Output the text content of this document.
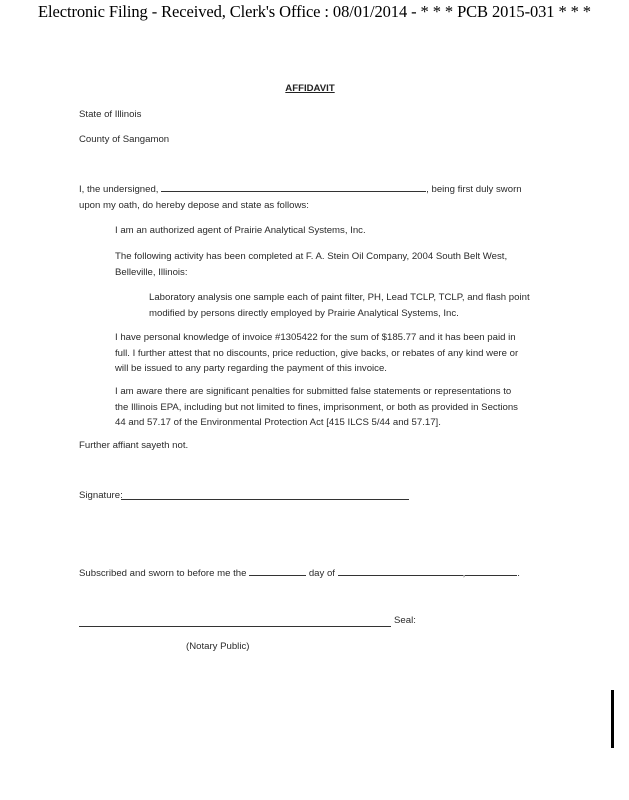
Electronic Filing - Received, Clerk's Office : 08/01/2014 - * * * PCB 2015-031 * * *
AFFIDAVIT
State of Illinois
County of Sangamon
I, the undersigned,	, being first duly sworn
upon my oath, do hereby depose and state as follows:
I am an authorized agent of Prairie Analytical Systems, Inc.
The following activity has been completed at F. A. Stein Oil Company, 2004 South Belt West,
Belleville, Illinois:
Laboratory analysis one sample each of paint filter, PH, Lead TCLP, TCLP, and flash point
modified by persons directly employed by Prairie Analytical Systems, Inc.
I have personal knowledge of invoice #1305422 for the sum of $185.77 and it has been paid in
full. I further attest that no discounts, price reduction, give backs, or rebates of any kind were or
will be issued to any party regarding the payment of this invoice.
I am aware there are significant penalties for submitted false statements or representations to
the Illinois EPA, including but not limited to fines, imprisonment, or both as provided in Sections
44 and 57.17 of the Environmental Protection Act [415 ILCS 5/44 and 57.17].
Further affiant sayeth not.
Signature:
Subscribed and sworn to before me the	day of	,	.
Seal:
(Notary Public)
